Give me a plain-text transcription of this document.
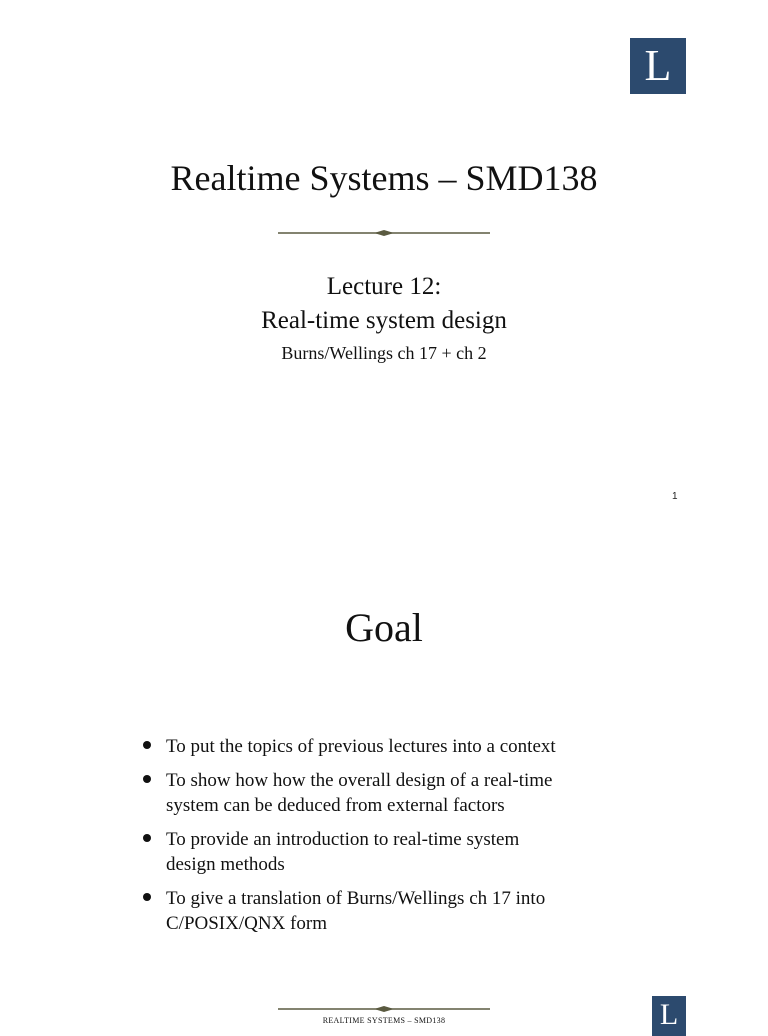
L
Realtime Systems – SMD138
Lecture 12:
Real-time system design
Burns/Wellings ch 17 + ch 2
1
Goal
To put the topics of previous lectures into a context
To show how how the overall design of a real-time
system can be deduced from external factors
To provide an introduction to real-time system
design methods
To give a translation of Burns/Wellings ch 17 into
C/POSIX/QNX form
REALTIME SYSTEMS – SMD138	L
